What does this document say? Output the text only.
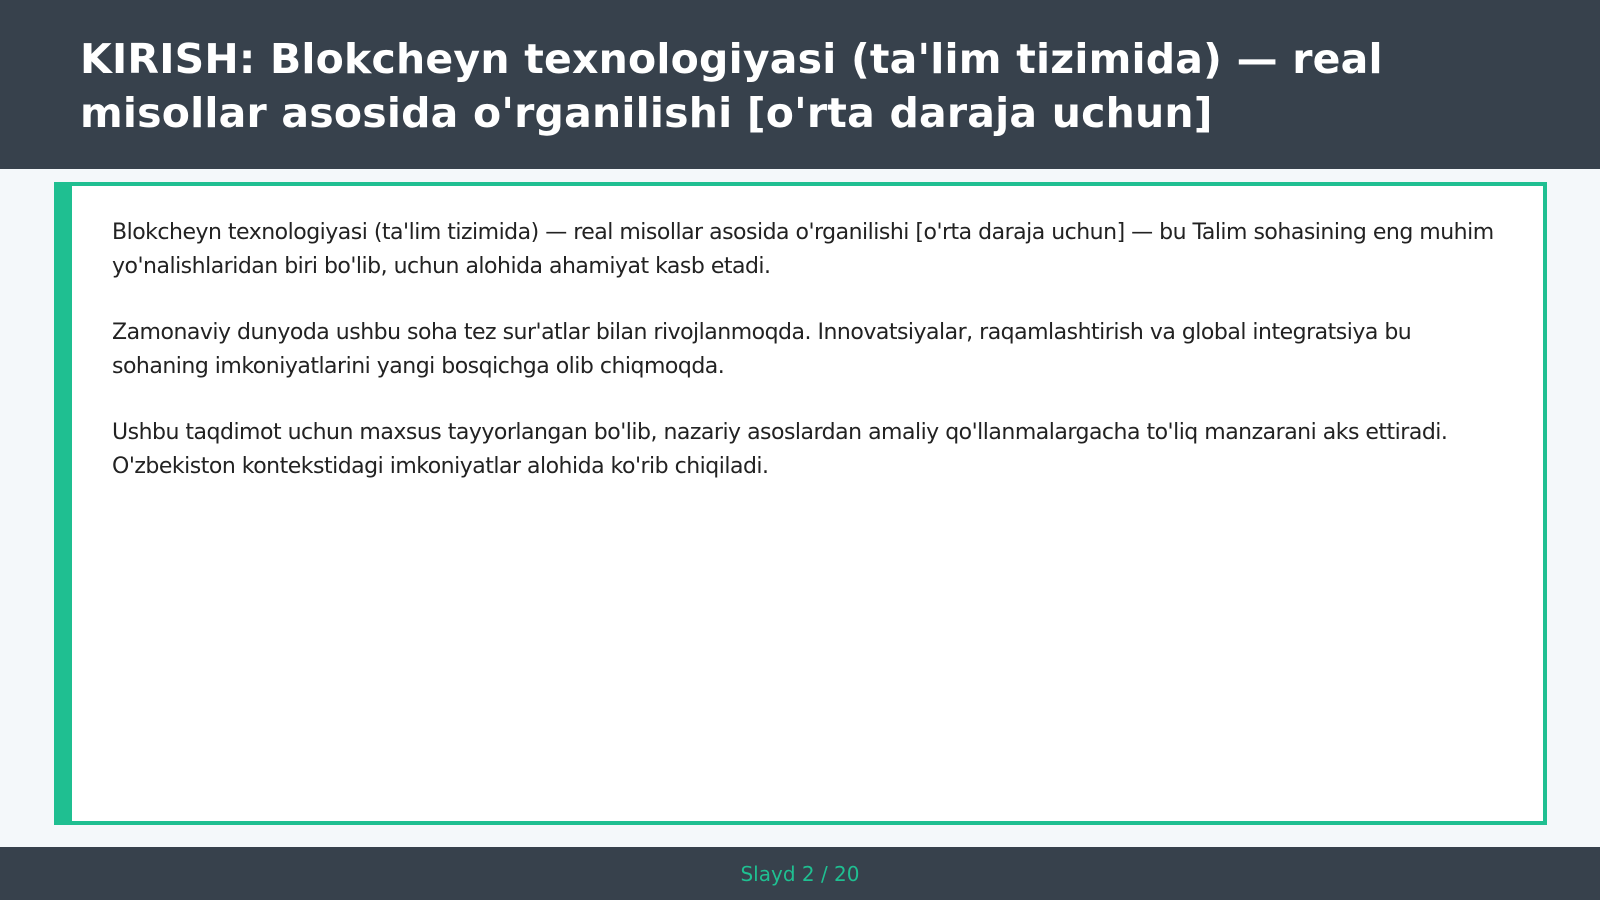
KIRISH: Blokcheyn texnologiyasi (ta'lim tizimida) — real misollar asosida o'rganilishi [o'rta daraja uchun]

Blokcheyn texnologiyasi (ta'lim tizimida) — real misollar asosida o'rganilishi [o'rta daraja uchun] — bu Talim sohasining eng muhim yo'nalishlaridan biri bo'lib, uchun alohida ahamiyat kasb etadi.

Zamonaviy dunyoda ushbu soha tez sur'atlar bilan rivojlanmoqda. Innovatsiyalar, raqamlashtirish va global integratsiya bu sohaning imkoniyatlarini yangi bosqichga olib chiqmoqda.

Ushbu taqdimot uchun maxsus tayyorlangan bo'lib, nazariy asoslardan amaliy qo'llanmalargacha to'liq manzarani aks ettiradi. O'zbekiston kontekstidagi imkoniyatlar alohida ko'rib chiqiladi.

Slayd 2 / 20
